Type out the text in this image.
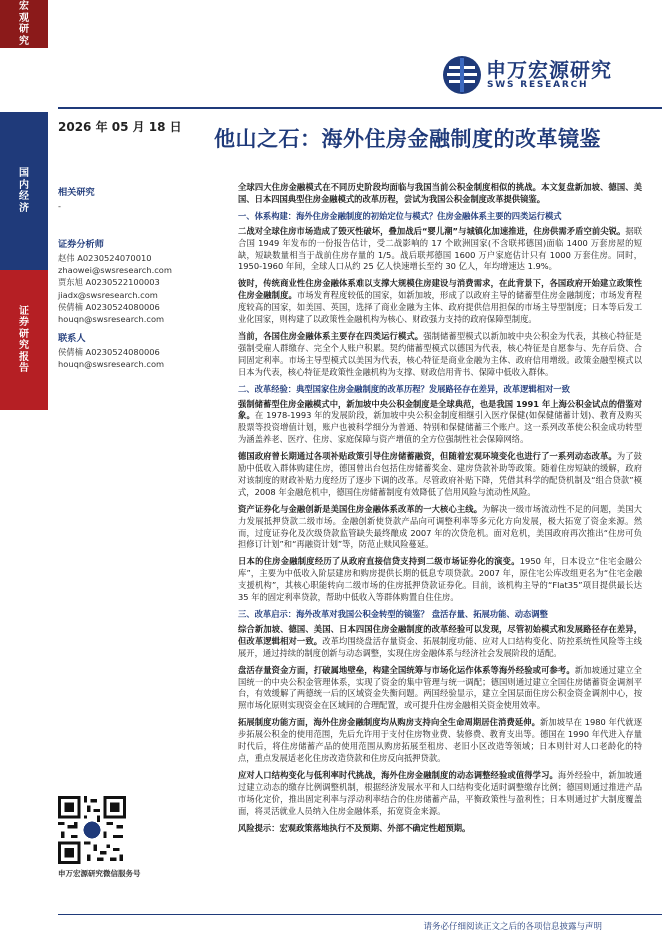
宏观研究
国内经济
证券研究报告
申万宏源研究
SWS RESEARCH
2026 年 05 月 18 日 他山之石：海外住房金融制度的改革镜鉴
相关研究
-
证券分析师
赵伟 A0230524070010
zhaowei@swsresearch.com
贾东旭 A0230522100003
jiadx@swsresearch.com
侯倩楠 A0230524080006
houqn@swsresearch.com
联系人
侯倩楠 A0230524080006
houqn@swsresearch.com

全球四大住房金融模式在不同历史阶段均面临与我国当前公积金制度相似的挑战。本文复盘新加坡、德国、美国、日本四国典型住房金融模式的改革历程，尝试为我国公积金制度改革提供镜鉴。

一、体系构建：海外住房金融制度的初始定位与模式？住房金融体系主要的四类运行模式

二战对全球住房市场造成了毁灭性破坏，叠加战后“婴儿潮”与城镇化加速推进，住房供需矛盾空前尖锐。据联合国 1949 年发布的一份报告估计，受二战影响的 17 个欧洲国家(不含联邦德国)面临 1400 万套房屋的短缺，短缺数量相当于战前住房存量的 1/5。战后联邦德国 1600 万户家庭估计只有 1000 万套住房。同时，1950-1960 年间，全球人口从约 25 亿人快速增长至约 30 亿人，年均增速达 1.9%。

彼时，传统商业性住房金融体系难以支撑大规模住房建设与消费需求，在此背景下，各国政府开始建立政策性住房金融制度。市场发育程度较低的国家，如新加坡，形成了以政府主导的储蓄型住房金融制度；市场发育程度较高的国家，如美国、英国，选择了商业金融为主体、政府提供信用担保的市场主导型制度；日本等后发工业化国家，则构建了以政策性金融机构为核心、财政强力支持的政府保障型制度。

当前，各国住房金融体系主要存在四类运行模式。强制储蓄型模式以新加坡中央公积金为代表，其核心特征是强制受雇人群缴存、完全个人账户积累。契约储蓄型模式以德国为代表，核心特征是自愿参与、先存后贷、合同固定利率。市场主导型模式以美国为代表，核心特征是商业金融为主体、政府信用增级。政策金融型模式以日本为代表，核心特征是政策性金融机构为支撑、财政信用背书、保障中低收入群体。

二、改革经验：典型国家住房金融制度的改革历程？发展路径存在差异，改革逻辑相对一致

强制储蓄型住房金融模式中，新加坡中央公积金制度是全球典范，也是我国 1991 年上海公积金试点的借鉴对象。在 1978-1993 年的发展阶段，新加坡中央公积金制度相继引入医疗保健(如保健储蓄计划)、教育及购买股票等投资增值计划，账户也被科学细分为普通、特别和保健储蓄三个账户。这一系列改革使公积金成功转型为涵盖养老、医疗、住房、家庭保障与资产增值的全方位强制性社会保障网络。

德国政府曾长期通过各项补贴政策引导住房储蓄融资，但随着宏观环境变化也进行了一系列动态改革。为了鼓励中低收入群体购建住房，德国曾出台包括住房储蓄奖金、建房贷款补助等政策。随着住房短缺的缓解，政府对该制度的财政补贴力度经历了逐步下调的改革。尽管政府补贴下降，凭借其科学的配贷机制及“组合贷款”模式，2008 年金融危机中，德国住房储蓄制度有效降低了信用风险与流动性风险。

资产证券化与金融创新是美国住房金融体系改革的一大核心主线。为解决一级市场流动性不足的问题，美国大力发展抵押贷款二级市场。金融创新使贷款产品向可调整利率等多元化方向发展，极大拓宽了资金来源。然而，过度证券化及次级贷款监管缺失最终酿成 2007 年的次贷危机。面对危机，美国政府再次推出“住房可负担修订计划”和“再融资计划”等，防范止赎风险蔓延。

日本的住房金融制度经历了从政府直接信贷支持到二级市场证券化的演变。1950 年，日本设立“住宅金融公库”，主要为中低收入阶层建房和购房提供长期的低息专项贷款。2007 年，原住宅公库改组更名为“住宅金融支援机构”，其核心职能转向二级市场的住房抵押贷款证券化。目前，该机构主导的“Flat35”项目提供最长达 35 年的固定利率贷款，帮助中低收入等群体购置自住住房。

三、改革启示：海外改革对我国公积金转型的镜鉴？ 盘活存量、拓展功能、动态调整

综合新加坡、德国、美国、日本四国住房金融制度的改革经验可以发现，尽管初始模式和发展路径存在差异，但改革逻辑相对一致。改革均围绕盘活存量资金、拓展制度功能、应对人口结构变化、防控系统性风险等主线展开，通过持续的制度创新与动态调整，实现住房金融体系与经济社会发展阶段的适配。

盘活存量资金方面，打破属地壁垒，构建全国统筹与市场化运作体系等海外经验或可参考。新加坡通过建立全国统一的中央公积金管理体系，实现了资金的集中管理与统一调配；德国则通过建立全国住房储蓄资金调剂平台，有效缓解了两德统一后的区域资金失衡问题。两国经验显示，建立全国层面住房公积金资金调剂中心，按照市场化原则实现资金在区域间的合理配置，或可提升住房金融相关资金使用效率。

拓展制度功能方面，海外住房金融制度均从购房支持向全生命周期居住消费延伸。新加坡早在 1980 年代就逐步拓展公积金的使用范围，先后允许用于支付住房物业费、装修费、教育支出等。德国在 1990 年代进入存量时代后，将住房储蓄产品的使用范围从购房拓展至租房、老旧小区改造等领域；日本则针对人口老龄化的特点，重点发展适老化住房改造贷款和住房反向抵押贷款。

应对人口结构变化与低利率时代挑战，海外住房金融制度的动态调整经验或值得学习。海外经验中，新加坡通过建立动态的缴存比例调整机制，根据经济发展水平和人口结构变化适时调整缴存比例；德国则通过推进产品市场化定价，推出固定利率与浮动利率结合的住房储蓄产品，平衡政策性与盈利性；日本则通过扩大制度覆盖面，将灵活就业人员纳入住房金融体系，拓宽资金来源。

风险提示：宏观政策落地执行不及预期、外部不确定性超预期。

申万宏源研究微信服务号
请务必仔细阅读正文之后的各项信息披露与声明
